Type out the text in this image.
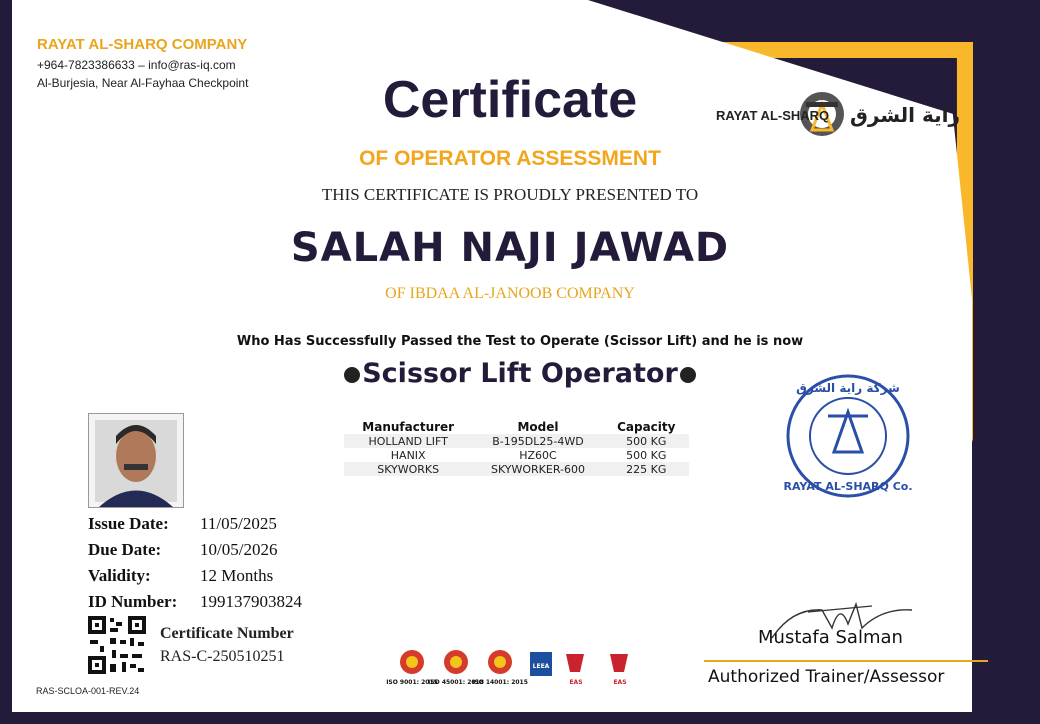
RAYAT AL-SHARQ COMPANY
+964-7823386633 – info@ras-iq.com
Al-Burjesia, Near Al-Fayhaa Checkpoint	Certificate
OF OPERATOR ASSESSMENT
THIS CERTIFICATE IS PROUDLY PRESENTED TO
SALAH NAJI JAWAD
OF IBDAA AL-JANOOB COMPANY
Who Has Successfully Passed the Test to Operate (Scissor Lift) and he is now
Scissor Lift Operator
RAYAT AL-SHARQ راية الشرق
شركة راية الشرق
RAYAT AL-SHARQ Co.
Manufacturer	Model	Capacity
HOLLAND LIFT	B-195DL25-4WD	500 KG
HANIX	HZ60C	500 KG
SKYWORKS	SKYWORKER-600	225 KG
Issue Date: 11/05/2025
Due Date: 10/05/2026
Validity:	12 Months
ID Number: 199137903824
Certificate Number
RAS-C-250510251
RAS-SCLOA-001-REV.24
ISO 9001: 2015
ISO 45001: 2018
ISO 14001: 2015
LEEA
EAS	EAS
Mustafa Salman
Authorized Trainer/Assessor
